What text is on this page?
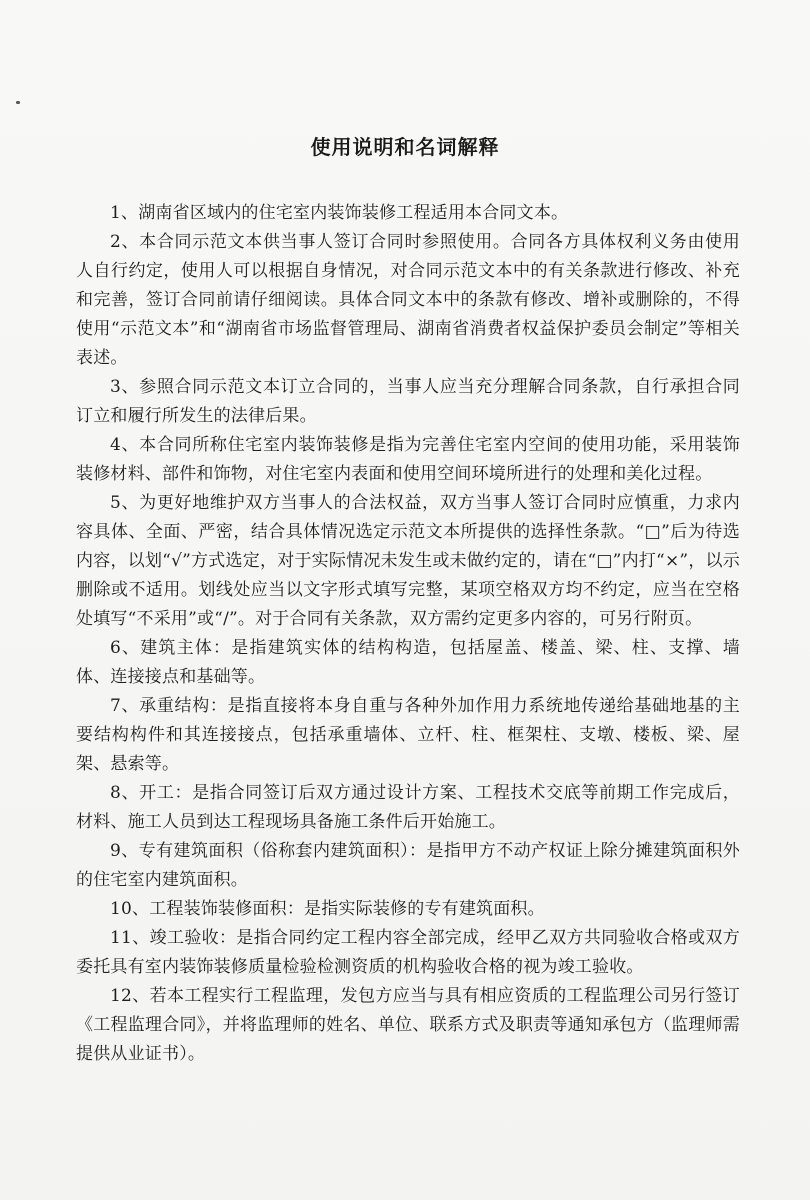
使用说明和名词解释

1、湖南省区域内的住宅室内装饰装修工程适用本合同文本。

2、本合同示范文本供当事人签订合同时参照使用。合同各方具体权利义务由使用人自行约定，使用人可以根据自身情况，对合同示范文本中的有关条款进行修改、补充和完善，签订合同前请仔细阅读。具体合同文本中的条款有修改、增补或删除的，不得使用“示范文本”和“湖南省市场监督管理局、湖南省消费者权益保护委员会制定”等相关表述。

3、参照合同示范文本订立合同的，当事人应当充分理解合同条款，自行承担合同订立和履行所发生的法律后果。

4、本合同所称住宅室内装饰装修是指为完善住宅室内空间的使用功能，采用装饰装修材料、部件和饰物，对住宅室内表面和使用空间环境所进行的处理和美化过程。

5、为更好地维护双方当事人的合法权益，双方当事人签订合同时应慎重，力求内容具体、全面、严密，结合具体情况选定示范文本所提供的选择性条款。“□”后为待选内容，以划“√”方式选定，对于实际情况未发生或未做约定的，请在“□”内打“×”，以示删除或不适用。划线处应当以文字形式填写完整，某项空格双方均不约定，应当在空格处填写“不采用”或“/”。对于合同有关条款，双方需约定更多内容的，可另行附页。

6、建筑主体：是指建筑实体的结构构造，包括屋盖、楼盖、梁、柱、支撑、墙体、连接接点和基础等。

7、承重结构：是指直接将本身自重与各种外加作用力系统地传递给基础地基的主要结构构件和其连接接点，包括承重墙体、立杆、柱、框架柱、支墩、楼板、梁、屋架、悬索等。

8、开工：是指合同签订后双方通过设计方案、工程技术交底等前期工作完成后，材料、施工人员到达工程现场具备施工条件后开始施工。

9、专有建筑面积（俗称套内建筑面积）：是指甲方不动产权证上除分摊建筑面积外的住宅室内建筑面积。

10、工程装饰装修面积：是指实际装修的专有建筑面积。

11、竣工验收：是指合同约定工程内容全部完成，经甲乙双方共同验收合格或双方委托具有室内装饰装修质量检验检测资质的机构验收合格的视为竣工验收。

12、若本工程实行工程监理，发包方应当与具有相应资质的工程监理公司另行签订《工程监理合同》，并将监理师的姓名、单位、联系方式及职责等通知承包方（监理师需提供从业证书）。
